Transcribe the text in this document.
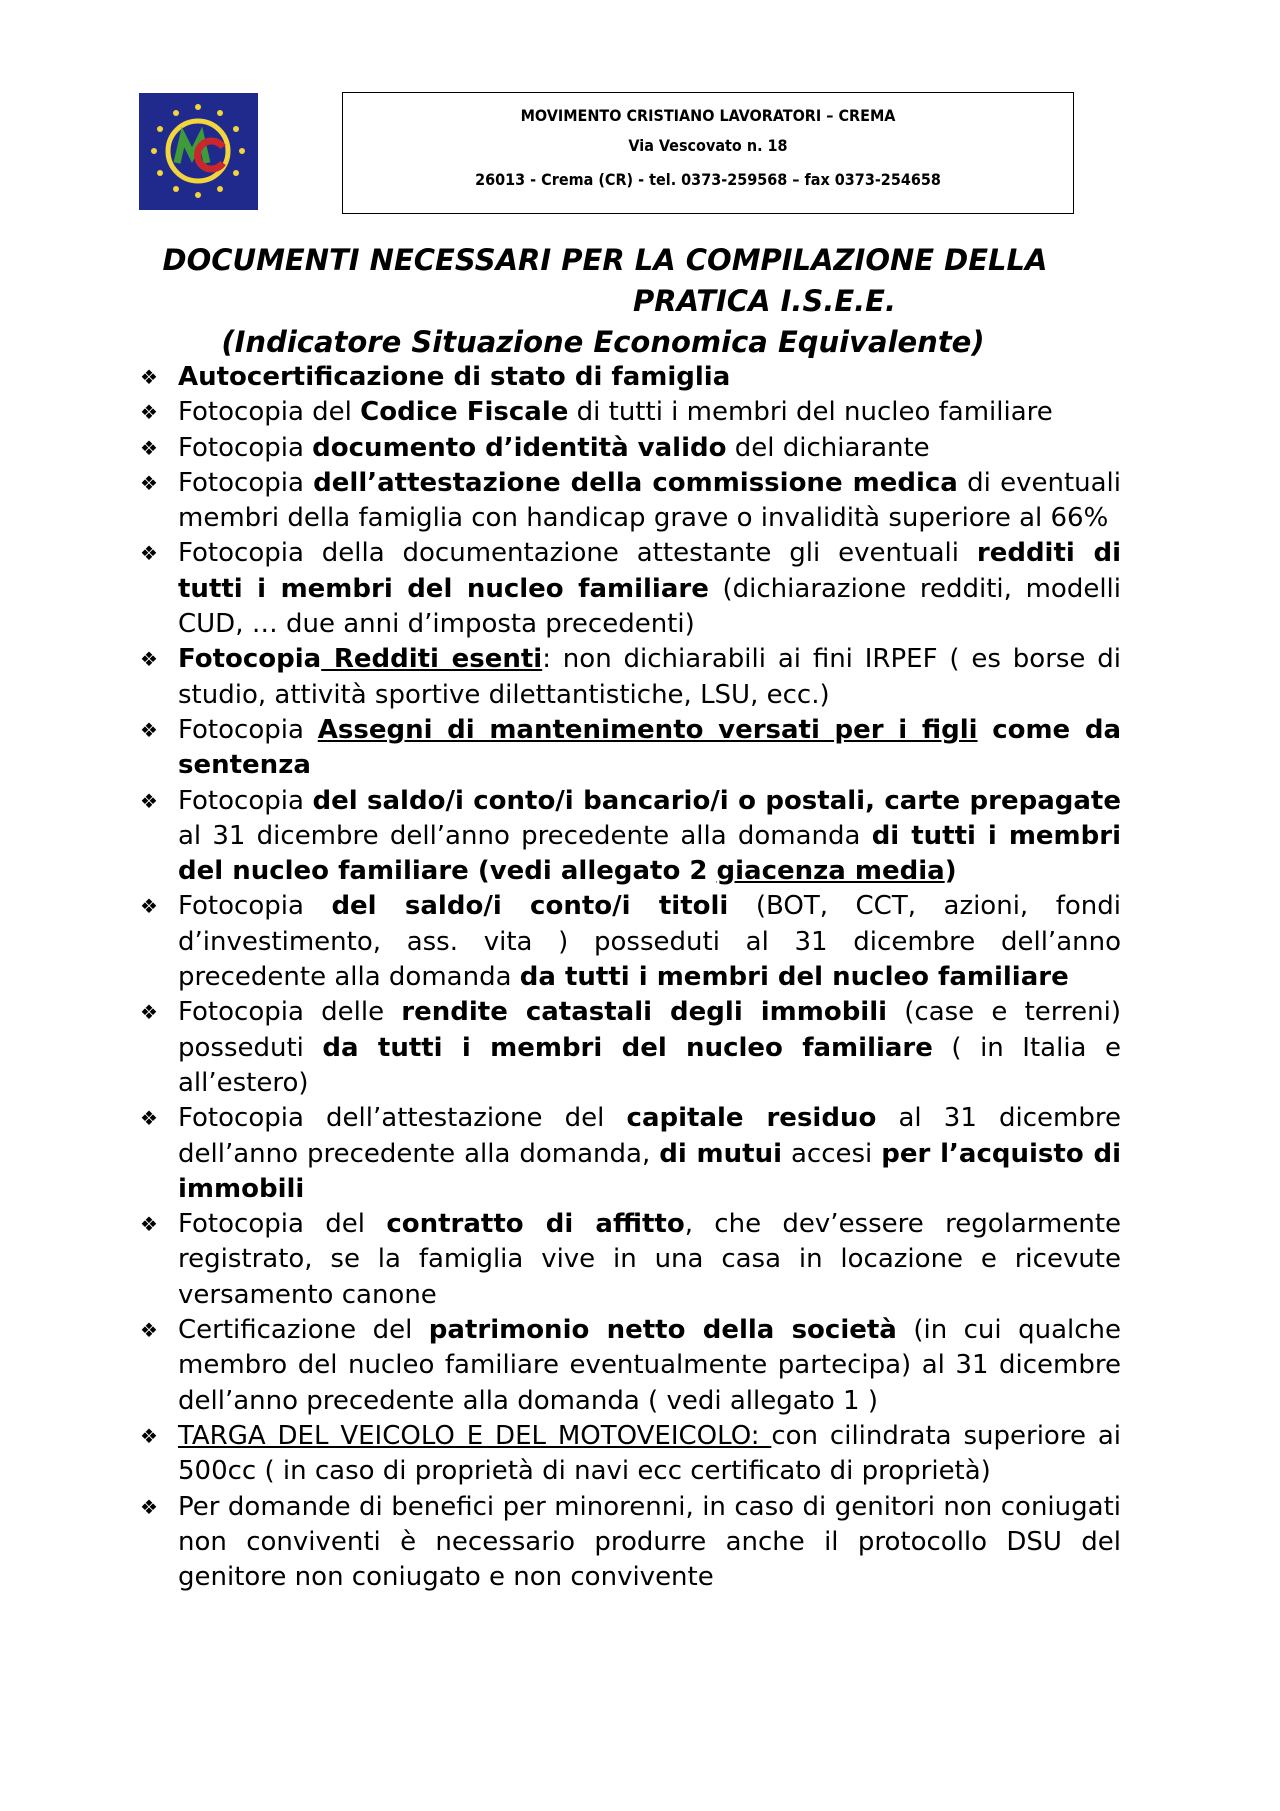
MOVIMENTO CRISTIANO LAVORATORI – CREMA
Via Vescovato n. 18
26013 - Crema (CR) - tel. 0373-259568 – fax 0373-254658
DOCUMENTI NECESSARI PER LA COMPILAZIONE DELLA
PRATICA I.S.E.E.
(Indicatore Situazione Economica Equivalente)
❖ Autocertificazione di stato di famiglia
❖ Fotocopia del Codice Fiscale di tutti i membri del nucleo familiare
❖ Fotocopia documento d’identità valido del dichiarante
❖ Fotocopia dell’attestazione della commissione medica di eventuali membri della famiglia con handicap grave o invalidità superiore al 66%
❖ Fotocopia della documentazione attestante gli eventuali redditi di tutti i membri del nucleo familiare (dichiarazione redditi, modelli CUD, … due anni d’imposta precedenti)
❖ Fotocopia Redditi esenti: non dichiarabili ai fini IRPEF ( es borse di studio, attività sportive dilettantistiche, LSU, ecc.)
❖ Fotocopia Assegni di mantenimento versati per i figli come da sentenza
❖ Fotocopia del saldo/i conto/i bancario/i o postali, carte prepagate al 31 dicembre dell’anno precedente alla domanda di tutti i membri del nucleo familiare (vedi allegato 2 giacenza media)
❖ Fotocopia del saldo/i conto/i titoli (BOT, CCT, azioni, fondi d’investimento, ass. vita ) posseduti al 31 dicembre dell’anno precedente alla domanda da tutti i membri del nucleo familiare
❖ Fotocopia delle rendite catastali degli immobili (case e terreni) posseduti da tutti i membri del nucleo familiare ( in Italia e all’estero)
❖ Fotocopia dell’attestazione del capitale residuo al 31 dicembre dell’anno precedente alla domanda, di mutui accesi per l’acquisto di immobili
❖ Fotocopia del contratto di affitto, che dev’essere regolarmente registrato, se la famiglia vive in una casa in locazione e ricevute versamento canone
❖ Certificazione del patrimonio netto della società (in cui qualche membro del nucleo familiare eventualmente partecipa) al 31 dicembre dell’anno precedente alla domanda ( vedi allegato 1 )
❖ TARGA DEL VEICOLO E DEL MOTOVEICOLO: con cilindrata superiore ai 500cc ( in caso di proprietà di navi ecc certificato di proprietà)
❖ Per domande di benefici per minorenni, in caso di genitori non coniugati non conviventi è necessario produrre anche il protocollo DSU del genitore non coniugato e non convivente
